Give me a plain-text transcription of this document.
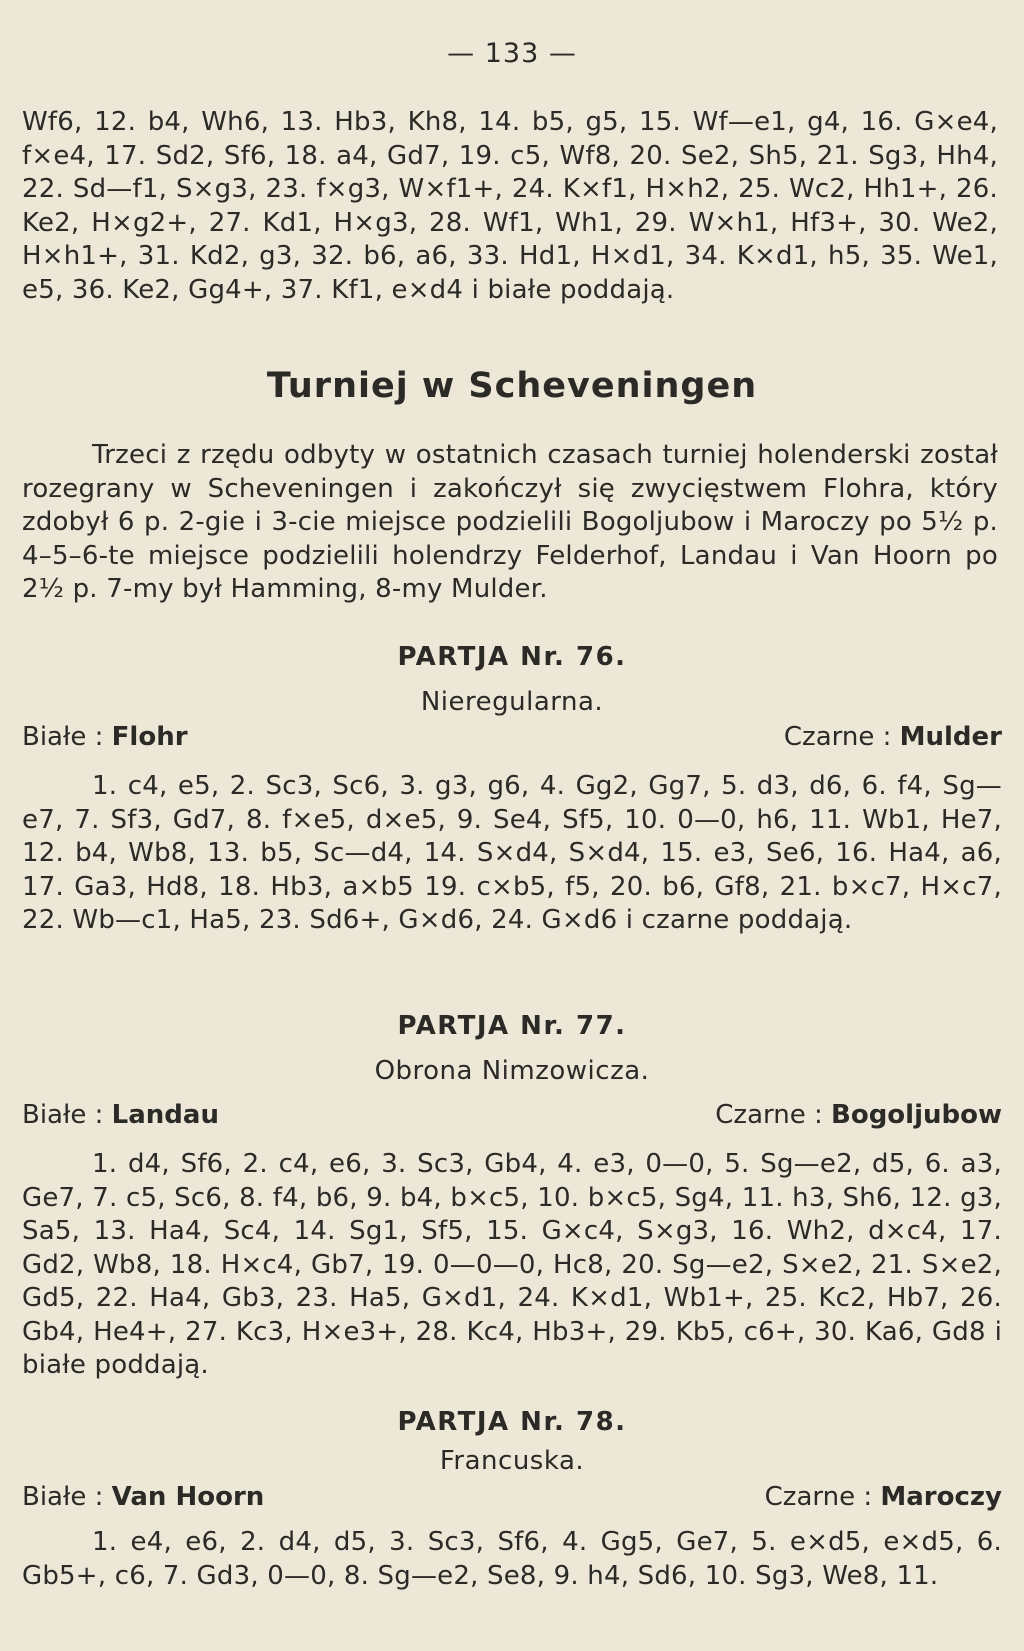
— 133 —

Wf6, 12. b4, Wh6, 13. Hb3, Kh8, 14. b5, g5, 15. Wf—e1, g4, 16. G×e4, f×e4, 17. Sd2, Sf6, 18. a4, Gd7, 19. c5, Wf8, 20. Se2, Sh5, 21. Sg3, Hh4, 22. Sd—f1, S×g3, 23. f×g3, W×f1+, 24. K×f1, H×h2, 25. Wc2, Hh1+, 26. Ke2, H×g2+, 27. Kd1, H×g3, 28. Wf1, Wh1, 29. W×h1, Hf3+, 30. We2, H×h1+, 31. Kd2, g3, 32. b6, a6, 33. Hd1, H×d1, 34. K×d1, h5, 35. We1, e5, 36. Ke2, Gg4+, 37. Kf1, e×d4 i białe poddają.

Turniej w Scheveningen

Trzeci z rzędu odbyty w ostatnich czasach turniej holenderski został rozegrany w Scheveningen i zakończył się zwycięstwem Flohra, który zdobył 6 p. 2-gie i 3-cie miejsce podzielili Bogoljubow i Maroczy po 5½ p. 4–5–6-te miejsce podzielili holendrzy Felderhof, Landau i Van Hoorn po 2½ p. 7-my był Hamming, 8-my Mulder.

PARTJA Nr. 76.
Nieregularna.
Białe : Flohr	Czarne : Mulder

1. c4, e5, 2. Sc3, Sc6, 3. g3, g6, 4. Gg2, Gg7, 5. d3, d6, 6. f4, Sg—e7, 7. Sf3, Gd7, 8. f×e5, d×e5, 9. Se4, Sf5, 10. 0—0, h6, 11. Wb1, He7, 12. b4, Wb8, 13. b5, Sc—d4, 14. S×d4, S×d4, 15. e3, Se6, 16. Ha4, a6, 17. Ga3, Hd8, 18. Hb3, a×b5 19. c×b5, f5, 20. b6, Gf8, 21. b×c7, H×c7, 22. Wb—c1, Ha5, 23. Sd6+, G×d6, 24. G×d6 i czarne poddają.

PARTJA Nr. 77.
Obrona Nimzowicza.
Białe : Landau	Czarne : Bogoljubow

1. d4, Sf6, 2. c4, e6, 3. Sc3, Gb4, 4. e3, 0—0, 5. Sg—e2, d5, 6. a3, Ge7, 7. c5, Sc6, 8. f4, b6, 9. b4, b×c5, 10. b×c5, Sg4, 11. h3, Sh6, 12. g3, Sa5, 13. Ha4, Sc4, 14. Sg1, Sf5, 15. G×c4, S×g3, 16. Wh2, d×c4, 17. Gd2, Wb8, 18. H×c4, Gb7, 19. 0—0—0, Hc8, 20. Sg—e2, S×e2, 21. S×e2, Gd5, 22. Ha4, Gb3, 23. Ha5, G×d1, 24. K×d1, Wb1+, 25. Kc2, Hb7, 26. Gb4, He4+, 27. Kc3, H×e3+, 28. Kc4, Hb3+, 29. Kb5, c6+, 30. Ka6, Gd8 i białe poddają.

PARTJA Nr. 78.
Francuska.
Białe : Van Hoorn	Czarne : Maroczy

1. e4, e6, 2. d4, d5, 3. Sc3, Sf6, 4. Gg5, Ge7, 5. e×d5, e×d5, 6. Gb5+, c6, 7. Gd3, 0—0, 8. Sg—e2, Se8, 9. h4, Sd6, 10. Sg3, We8, 11.
